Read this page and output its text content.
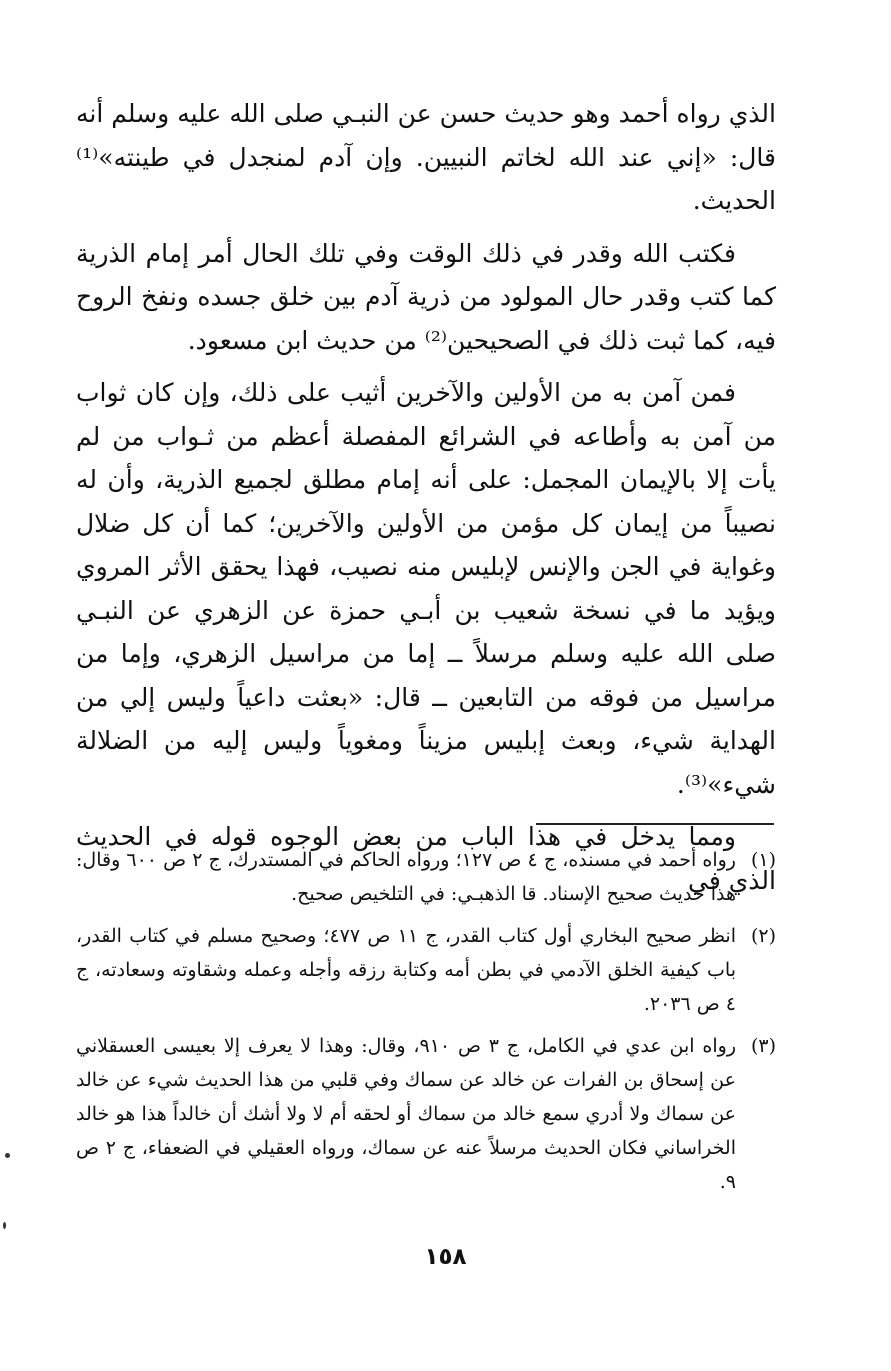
الذي رواه أحمد وهو حديث حسن عن النبـي صلى الله عليه وسلم أنه قال: «إني عند الله لخاتم النبيين. وإن آدم لمنجدل في طينته»⁽¹⁾ الحديث.

فكتب الله وقدر في ذلك الوقت وفي تلك الحال أمر إمام الذرية كما كتب وقدر حال المولود من ذرية آدم بين خلق جسده ونفخ الروح فيه، كما ثبت ذلك في الصحيحين⁽²⁾ من حديث ابن مسعود.

فمن آمن به من الأولين والآخرين أثيب على ذلك، وإن كان ثواب من آمن به وأطاعه في الشرائع المفصلة أعظم من ثـواب من لم يأت إلا بالإيمان المجمل: على أنه إمام مطلق لجميع الذرية، وأن له نصيباً من إيمان كل مؤمن من الأولين والآخرين؛ كما أن كل ضلال وغواية في الجن والإنس لإبليس منه نصيب، فهذا يحقق الأثر المروي ويؤيد ما في نسخة شعيب بن أبـي حمزة عن الزهري عن النبـي صلى الله عليه وسلم مرسلاً ــ إما من مراسيل الزهري، وإما من مراسيل من فوقه من التابعين ــ قال: «بعثت داعياً وليس إلي من الهداية شيء، وبعث إبليس مزيناً ومغوياً وليس إليه من الضلالة شيء»⁽³⁾.

ومما يدخل في هذا الباب من بعض الوجوه قوله في الحديث الذي في

(١)
رواه أحمد في مسنده، ج ٤ ص ١٢٧؛ ورواه الحاكم في المستدرك، ج ٢ ص ٦٠٠ وقال: هذا حديث صحيح الإسناد. قا الذهبـي: في التلخيص صحيح.
(٢)
انظر صحيح البخاري أول كتاب القدر، ج ١١ ص ٤٧٧؛ وصحيح مسلم في كتاب القدر، باب كيفية الخلق الآدمي في بطن أمه وكتابة رزقه وأجله وعمله وشقاوته وسعادته، ج ٤ ص ٢٠٣٦.
(٣)
رواه ابن عدي في الكامل، ج ٣ ص ٩١٠، وقال: وهذا لا يعرف إلا بعيسى العسقلاني عن إسحاق بن الفرات عن خالد عن سماك وفي قلبي من هذا الحديث شيء عن خالد عن سماك ولا أدري سمع خالد من سماك أو لحقه أم لا ولا أشك أن خالداً هذا هو خالد الخراساني فكان الحديث مرسلاً عنه عن سماك، ورواه العقيلي في الضعفاء، ج ٢ ص ٩.
١٥٨
